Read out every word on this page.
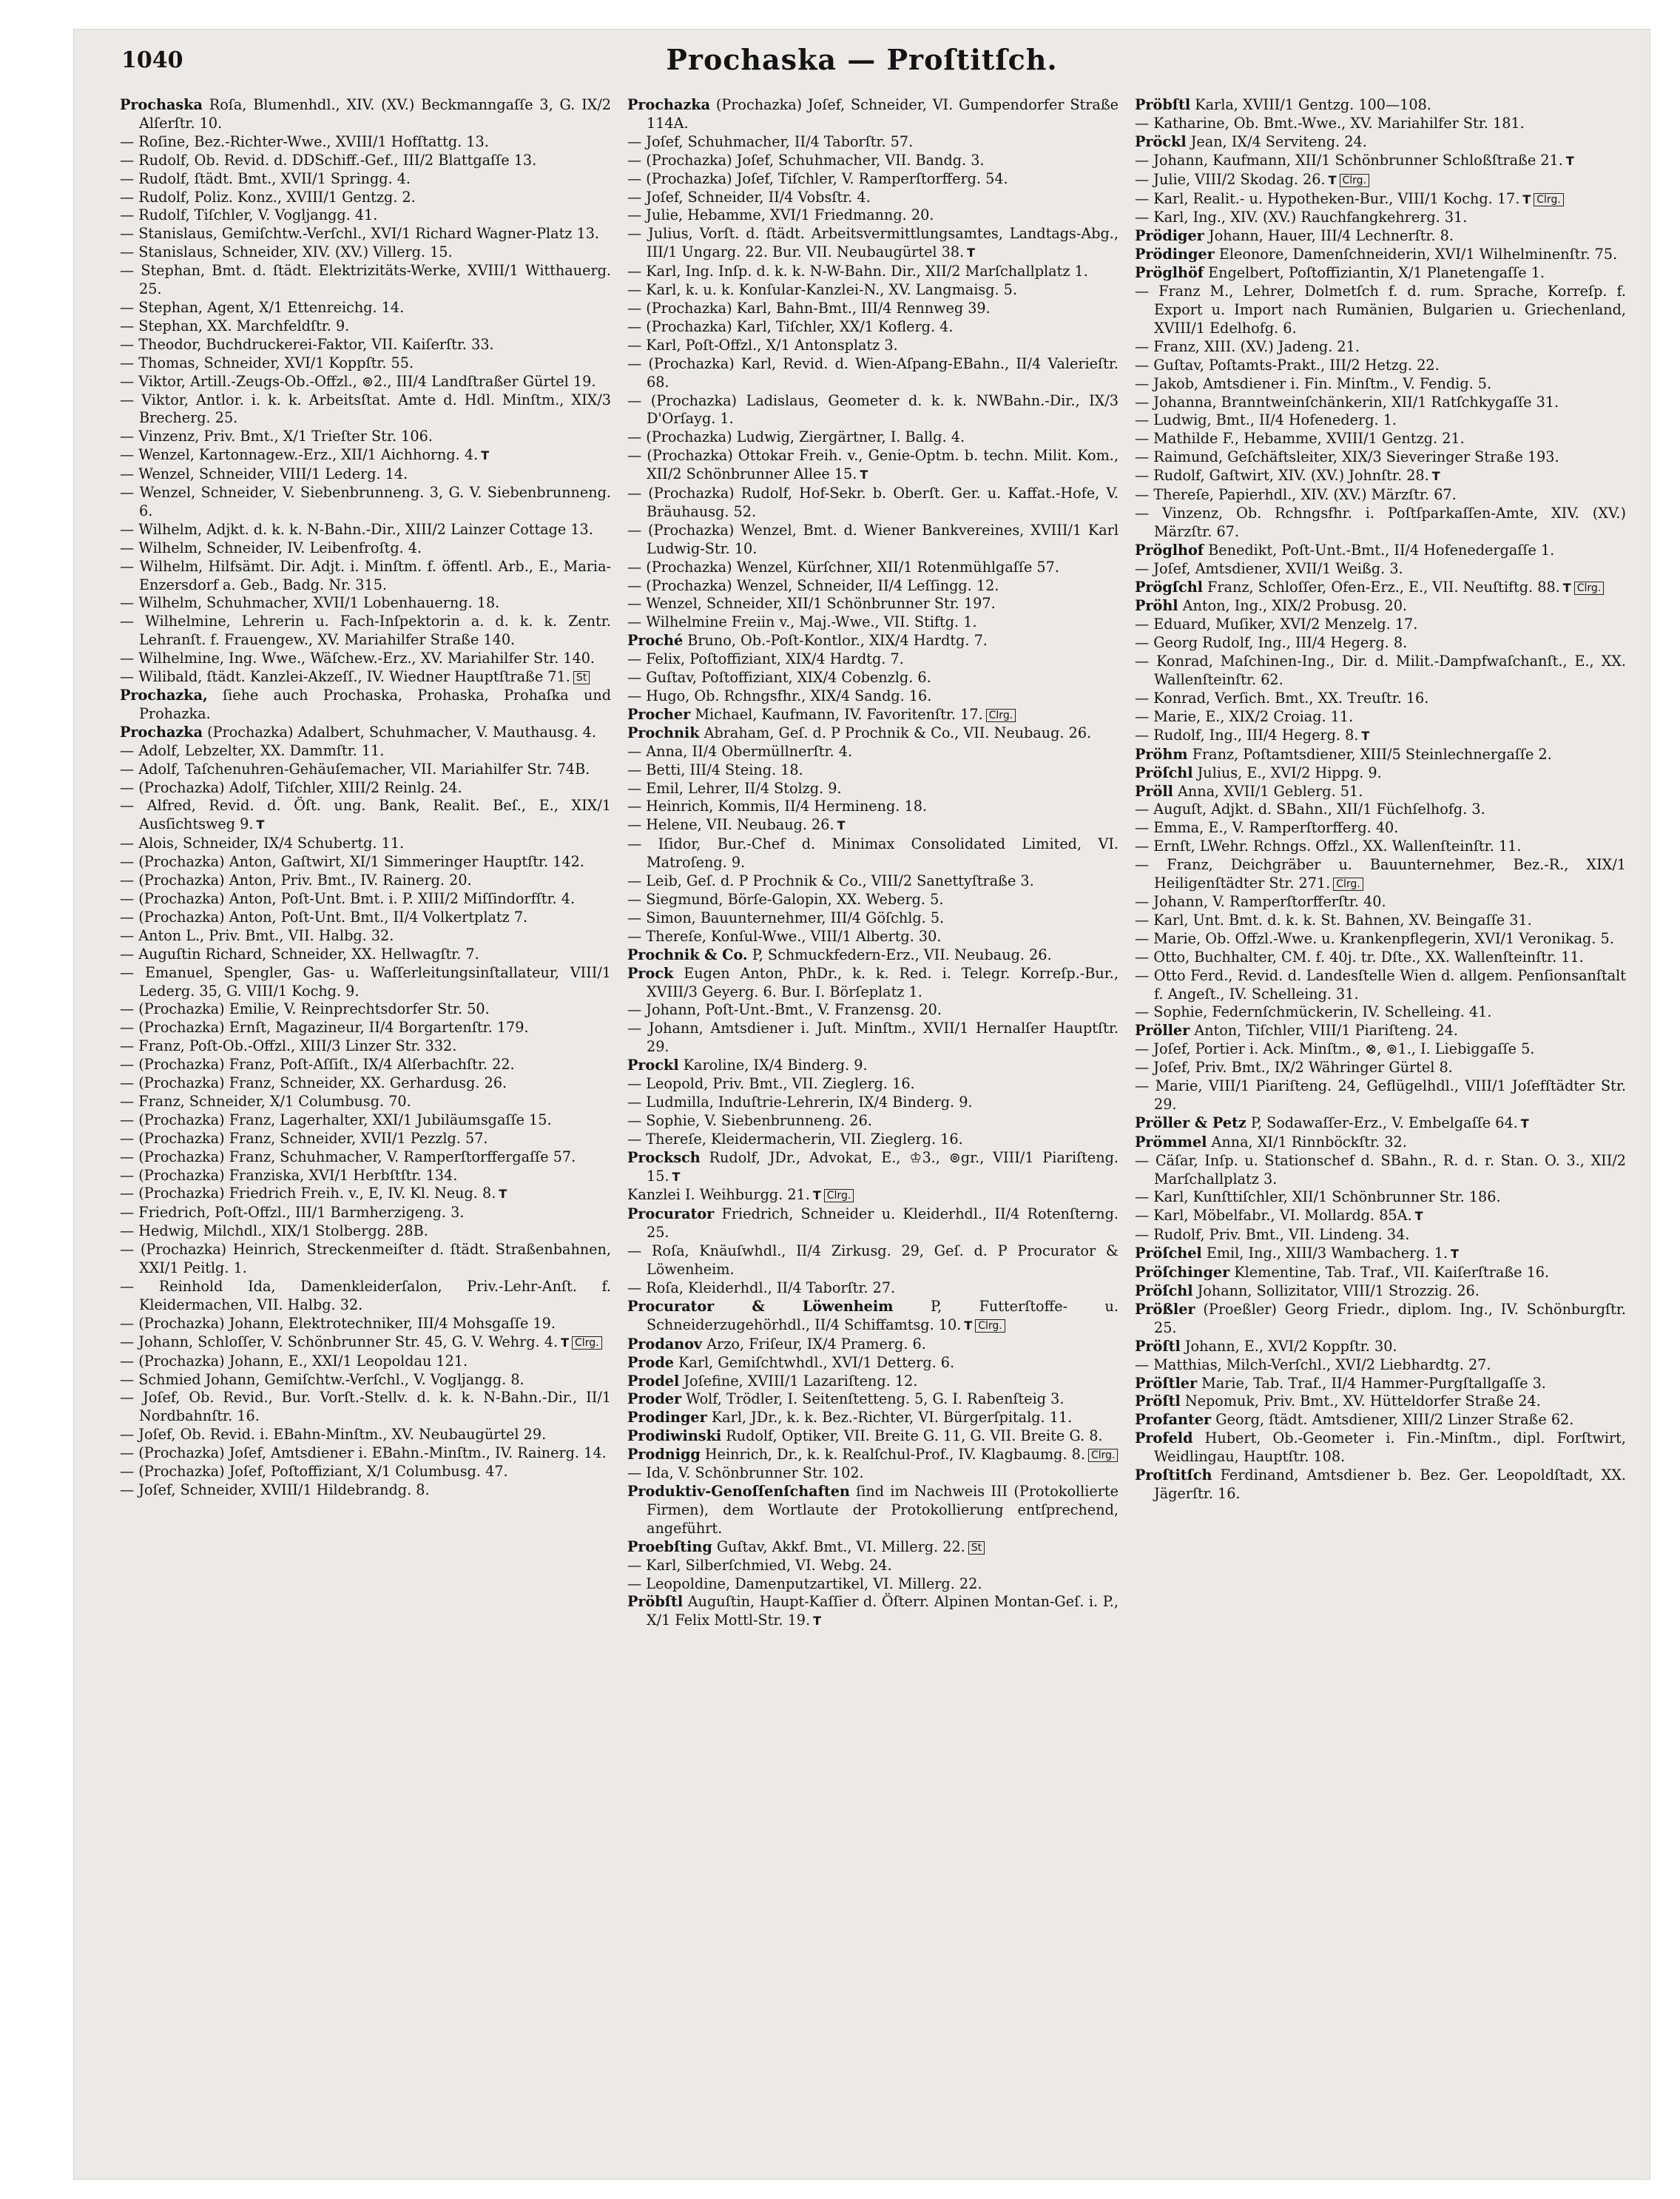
1040	Prochaska — Proſtitſch.
Prochaska Roſa, Blumenhdl., XIV. (XV.) Beckmanngaſſe 3, G. IX/2 Alſerſtr. 10.
— Roſine, Bez.-Richter-Wwe., XVIII/1 Hofſtattg. 13.
— Rudolf, Ob. Revid. d. DDSchiff.-Gef., III/2 Blattgaſſe 13.
— Rudolf, ſtädt. Bmt., XVII/1 Springg. 4.
— Rudolf, Poliz. Konz., XVIII/1 Gentzg. 2.
— Rudolf, Tiſchler, V. Vogljangg. 41.
— Stanislaus, Gemiſchtw.-Verſchl., XVI/1 Richard Wagner-Platz 13.
— Stanislaus, Schneider, XIV. (XV.) Villerg. 15.
— Stephan, Bmt. d. ſtädt. Elektrizitäts-Werke, XVIII/1 Witthauerg. 25.
— Stephan, Agent, X/1 Ettenreichg. 14.
— Stephan, XX. Marchfeldſtr. 9.
— Theodor, Buchdruckerei-Faktor, VII. Kaiſerſtr. 33.
— Thomas, Schneider, XVI/1 Koppſtr. 55.
— Viktor, Artill.-Zeugs-Ob.-Offzl., ⊚2., III/4 Landſtraßer Gürtel 19.
— Viktor, Antlor. i. k. k. Arbeitsſtat. Amte d. Hdl. Minſtm., XIX/3 Brecherg. 25.
— Vinzenz, Priv. Bmt., X/1 Trieſter Str. 106.
— Wenzel, Kartonnagew.-Erz., XII/1 Aichhorng. 4. T
— Wenzel, Schneider, VIII/1 Lederg. 14.
— Wenzel, Schneider, V. Siebenbrunneng. 3, G. V. Siebenbrunneng. 6.
— Wilhelm, Adjkt. d. k. k. N-Bahn.-Dir., XIII/2 Lainzer Cottage 13.
— Wilhelm, Schneider, IV. Leibenfroſtg. 4.
— Wilhelm, Hilfsämt. Dir. Adjt. i. Minſtm. f. öffentl. Arb., E., Maria-Enzersdorf a. Geb., Badg. Nr. 315.
— Wilhelm, Schuhmacher, XVII/1 Lobenhauerng. 18.
— Wilhelmine, Lehrerin u. Fach-Inſpektorin a. d. k. k. Zentr. Lehranſt. f. Frauengew., XV. Mariahilfer Straße 140.
— Wilhelmine, Ing. Wwe., Wäſchew.-Erz., XV. Mariahilfer Str. 140.
— Wilibald, ſtädt. Kanzlei-Akzeſſ., IV. Wiedner Hauptſtraße 71. St
Prochazka, ſiehe auch Prochaska, Prohaska, Prohaſka und Prohazka.
Prochazka (Prochazka) Adalbert, Schuhmacher, V. Mauthausg. 4.
— Adolf, Lebzelter, XX. Dammſtr. 11.
— Adolf, Taſchenuhren-Gehäuſemacher, VII. Mariahilfer Str. 74B.
— (Prochazka) Adolf, Tiſchler, XIII/2 Reinlg. 24.
— Alfred, Revid. d. Öſt. ung. Bank, Realit. Beſ., E., XIX/1 Ausſichtsweg 9. T
— Alois, Schneider, IX/4 Schubertg. 11.
— (Prochazka) Anton, Gaſtwirt, XI/1 Simmeringer Hauptſtr. 142.
— (Prochazka) Anton, Priv. Bmt., IV. Rainerg. 20.
— (Prochazka) Anton, Poſt-Unt. Bmt. i. P. XIII/2 Miſſindorfſtr. 4.
— (Prochazka) Anton, Poſt-Unt. Bmt., II/4 Volkertplatz 7.
— Anton L., Priv. Bmt., VII. Halbg. 32.
— Auguſtin Richard, Schneider, XX. Hellwagſtr. 7.
— Emanuel, Spengler, Gas- u. Waſſerleitungsinſtallateur, VIII/1 Lederg. 35, G. VIII/1 Kochg. 9.
— (Prochazka) Emilie, V. Reinprechtsdorfer Str. 50.
— (Prochazka) Ernſt, Magazineur, II/4 Borgartenſtr. 179.
— Franz, Poſt-Ob.-Offzl., XIII/3 Linzer Str. 332.
— (Prochazka) Franz, Poſt-Aſſiſt., IX/4 Alſerbachſtr. 22.
— (Prochazka) Franz, Schneider, XX. Gerhardusg. 26.
— Franz, Schneider, X/1 Columbusg. 70.
— (Prochazka) Franz, Lagerhalter, XXI/1 Jubiläumsgaſſe 15.
— (Prochazka) Franz, Schneider, XVII/1 Pezzlg. 57.
— (Prochazka) Franz, Schuhmacher, V. Ramperſtorffergaſſe 57.
— (Prochazka) Franziska, XVI/1 Herbſtſtr. 134.
— (Prochazka) Friedrich Freih. v., E, IV. Kl. Neug. 8. T
— Friedrich, Poſt-Offzl., III/1 Barmherzigeng. 3.
— Hedwig, Milchdl., XIX/1 Stolbergg. 28B.
— (Prochazka) Heinrich, Streckenmeiſter d. ſtädt. Straßenbahnen, XXI/1 Peitlg. 1.
— Reinhold Ida, Damenkleiderſalon, Priv.-Lehr-Anſt. f. Kleidermachen, VII. Halbg. 32.
— (Prochazka) Johann, Elektrotechniker, III/4 Mohsgaſſe 19.
— Johann, Schloſſer, V. Schönbrunner Str. 45, G. V. Wehrg. 4. T Clrg.
— (Prochazka) Johann, E., XXI/1 Leopoldau 121.
— Schmied Johann, Gemiſchtw.-Verſchl., V. Vogljangg. 8.
— Joſef, Ob. Revid., Bur. Vorſt.-Stellv. d. k. k. N-Bahn.-Dir., II/1 Nordbahnſtr. 16.
— Joſef, Ob. Revid. i. EBahn-Minſtm., XV. Neubaugürtel 29.
— (Prochazka) Joſef, Amtsdiener i. EBahn.-Minſtm., IV. Rainerg. 14.
— (Prochazka) Joſef, Poſtoffiziant, X/1 Columbusg. 47.
— Joſef, Schneider, XVIII/1 Hildebrandg. 8.
Prochazka (Prochazka) Joſef, Schneider, VI. Gumpendorfer Straße 114A.
— Joſef, Schuhmacher, II/4 Taborſtr. 57.
— (Prochazka) Joſef, Schuhmacher, VII. Bandg. 3.
— (Prochazka) Joſef, Tiſchler, V. Ramperſtorfferg. 54.
— Joſef, Schneider, II/4 Vobsſtr. 4.
— Julie, Hebamme, XVI/1 Friedmanng. 20.
— Julius, Vorſt. d. ſtädt. Arbeitsvermittlungsamtes, Landtags-Abg., III/1 Ungarg. 22. Bur. VII. Neubaugürtel 38. T
— Karl, Ing. Inſp. d. k. k. N-W-Bahn. Dir., XII/2 Marſchallplatz 1.
— Karl, k. u. k. Konſular-Kanzlei-N., XV. Langmaisg. 5.
— (Prochazka) Karl, Bahn-Bmt., III/4 Rennweg 39.
— (Prochazka) Karl, Tiſchler, XX/1 Koflerg. 4.
— Karl, Poſt-Offzl., X/1 Antonsplatz 3.
— (Prochazka) Karl, Revid. d. Wien-Aſpang-EBahn., II/4 Valerieſtr. 68.
— (Prochazka) Ladislaus, Geometer d. k. k. NWBahn.-Dir., IX/3 D'Orſayg. 1.
— (Prochazka) Ludwig, Ziergärtner, I. Ballg. 4.
— (Prochazka) Ottokar Freih. v., Genie-Optm. b. techn. Milit. Kom., XII/2 Schönbrunner Allee 15. T
— (Prochazka) Rudolf, Hof-Sekr. b. Oberſt. Ger. u. Kaffat.-Hofe, V. Bräuhausg. 52.
— (Prochazka) Wenzel, Bmt. d. Wiener Bankvereines, XVIII/1 Karl Ludwig-Str. 10.
— (Prochazka) Wenzel, Kürſchner, XII/1 Rotenmühlgaſſe 57.
— (Prochazka) Wenzel, Schneider, II/4 Leſſingg. 12.
— Wenzel, Schneider, XII/1 Schönbrunner Str. 197.
— Wilhelmine Freiin v., Maj.-Wwe., VII. Stiftg. 1.
Proché Bruno, Ob.-Poſt-Kontlor., XIX/4 Hardtg. 7.
— Felix, Poſtoffiziant, XIX/4 Hardtg. 7.
— Guſtav, Poſtoffiziant, XIX/4 Cobenzlg. 6.
— Hugo, Ob. Rchngsfhr., XIX/4 Sandg. 16.
Procher Michael, Kaufmann, IV. Favoritenſtr. 17. Clrg.
Prochnik Abraham, Geſ. d. P Prochnik & Co., VII. Neubaug. 26.
— Anna, II/4 Obermüllnerſtr. 4.
— Betti, III/4 Steing. 18.
— Emil, Lehrer, II/4 Stolzg. 9.
— Heinrich, Kommis, II/4 Hermineng. 18.
— Helene, VII. Neubaug. 26. T
— Iſidor, Bur.-Chef d. Minimax Consolidated Limited, VI. Matroſeng. 9.
— Leib, Geſ. d. P Prochnik & Co., VIII/2 Sanettyſtraße 3.
— Siegmund, Börſe-Galopin, XX. Weberg. 5.
— Simon, Bauunternehmer, III/4 Göſchlg. 5.
— Thereſe, Konſul-Wwe., VIII/1 Albertg. 30.
Prochnik & Co. P, Schmuckfedern-Erz., VII. Neubaug. 26.
Prock Eugen Anton, PhDr., k. k. Red. i. Telegr. Korreſp.-Bur., XVIII/3 Geyerg. 6. Bur. I. Börſeplatz 1.
— Johann, Poſt-Unt.-Bmt., V. Franzensg. 20.
— Johann, Amtsdiener i. Juſt. Minſtm., XVII/1 Hernalſer Hauptſtr. 29.
Prockl Karoline, IX/4 Binderg. 9.
— Leopold, Priv. Bmt., VII. Zieglerg. 16.
— Ludmilla, Induſtrie-Lehrerin, IX/4 Binderg. 9.
— Sophie, V. Siebenbrunneng. 26.
— Thereſe, Kleidermacherin, VII. Zieglerg. 16.
Procksch Rudolf, JDr., Advokat, E., ♔3., ⊚gr., VIII/1 Piariſteng. 15. T
Kanzlei I. Weihburgg. 21. T Clrg.
Procurator Friedrich, Schneider u. Kleiderhdl., II/4 Rotenſterng. 25.
— Roſa, Knäuſwhdl., II/4 Zirkusg. 29, Geſ. d. P Procurator & Löwenheim.
— Roſa, Kleiderhdl., II/4 Taborſtr. 27.
Procurator & Löwenheim P, Futterſtoffe- u. Schneiderzugehörhdl., II/4 Schiffamtsg. 10. T Clrg.
Prodanov Arzo, Friſeur, IX/4 Pramerg. 6.
Prode Karl, Gemiſchtwhdl., XVI/1 Detterg. 6.
Prodel Joſefine, XVIII/1 Lazariſteng. 12.
Proder Wolf, Trödler, I. Seitenſtetteng. 5, G. I. Rabenſteig 3.
Prodinger Karl, JDr., k. k. Bez.-Richter, VI. Bürgerſpitalg. 11.
Prodiwinski Rudolf, Optiker, VII. Breite G. 11, G. VII. Breite G. 8.
Prodnigg Heinrich, Dr., k. k. Realſchul-Prof., IV. Klagbaumg. 8. Clrg.
— Ida, V. Schönbrunner Str. 102.
Produktiv-Genoſſenſchaften ſind im Nachweis III (Protokollierte Firmen), dem Wortlaute der Protokollierung entſprechend, angeführt.
Proebſting Guſtav, Akkf. Bmt., VI. Millerg. 22. St
— Karl, Silberſchmied, VI. Webg. 24.
— Leopoldine, Damenputzartikel, VI. Millerg. 22.
Pröbſtl Auguſtin, Haupt-Kaſſier d. Öſterr. Alpinen Montan-Geſ. i. P., X/1 Felix Mottl-Str. 19. T
Pröbſtl Karla, XVIII/1 Gentzg. 100—108.
— Katharine, Ob. Bmt.-Wwe., XV. Mariahilfer Str. 181.
Pröckl Jean, IX/4 Serviteng. 24.
— Johann, Kaufmann, XII/1 Schönbrunner Schloßſtraße 21. T
— Julie, VIII/2 Skodag. 26. T Clrg.
— Karl, Realit.- u. Hypotheken-Bur., VIII/1 Kochg. 17. T Clrg.
— Karl, Ing., XIV. (XV.) Rauchfangkehrerg. 31.
Prödiger Johann, Hauer, III/4 Lechnerſtr. 8.
Prödinger Eleonore, Damenſchneiderin, XVI/1 Wilhelminenſtr. 75.
Pröglhöf Engelbert, Poſtoffiziantin, X/1 Planetengaſſe 1.
— Franz M., Lehrer, Dolmetſch f. d. rum. Sprache, Korreſp. f. Export u. Import nach Rumänien, Bulgarien u. Griechenland, XVIII/1 Edelhofg. 6.
— Franz, XIII. (XV.) Jadeng. 21.
— Guſtav, Poſtamts-Prakt., III/2 Hetzg. 22.
— Jakob, Amtsdiener i. Fin. Minſtm., V. Fendig. 5.
— Johanna, Branntweinſchänkerin, XII/1 Ratſchkygaſſe 31.
— Ludwig, Bmt., II/4 Hofenederg. 1.
— Mathilde F., Hebamme, XVIII/1 Gentzg. 21.
— Raimund, Geſchäftsleiter, XIX/3 Sieveringer Straße 193.
— Rudolf, Gaſtwirt, XIV. (XV.) Johnſtr. 28. T
— Thereſe, Papierhdl., XIV. (XV.) Märzſtr. 67.
— Vinzenz, Ob. Rchngsfhr. i. Poſtſparkaſſen-Amte, XIV. (XV.) Märzſtr. 67.
Pröglhof Benedikt, Poſt-Unt.-Bmt., II/4 Hofenedergaſſe 1.
— Joſef, Amtsdiener, XVII/1 Weißg. 3.
Prögſchl Franz, Schloſſer, Ofen-Erz., E., VII. Neuſtiftg. 88. T Clrg.
Pröhl Anton, Ing., XIX/2 Probusg. 20.
— Eduard, Muſiker, XVI/2 Menzelg. 17.
— Georg Rudolf, Ing., III/4 Hegerg. 8.
— Konrad, Maſchinen-Ing., Dir. d. Milit.-Dampfwaſchanſt., E., XX. Wallenſteinſtr. 62.
— Konrad, Verſich. Bmt., XX. Treuſtr. 16.
— Marie, E., XIX/2 Croiag. 11.
— Rudolf, Ing., III/4 Hegerg. 8. T
Pröhm Franz, Poſtamtsdiener, XIII/5 Steinlechnergaſſe 2.
Pröſchl Julius, E., XVI/2 Hippg. 9.
Pröll Anna, XVII/1 Geblerg. 51.
— Auguſt, Adjkt. d. SBahn., XII/1 Füchſelhofg. 3.
— Emma, E., V. Ramperſtorfferg. 40.
— Ernſt, LWehr. Rchngs. Offzl., XX. Wallenſteinſtr. 11.
— Franz, Deichgräber u. Bauunternehmer, Bez.-R., XIX/1 Heiligenſtädter Str. 271. Clrg.
— Johann, V. Ramperſtorfferſtr. 40.
— Karl, Unt. Bmt. d. k. k. St. Bahnen, XV. Beingaſſe 31.
— Marie, Ob. Offzl.-Wwe. u. Krankenpflegerin, XVI/1 Veronikag. 5.
— Otto, Buchhalter, CM. f. 40j. tr. Dſte., XX. Wallenſteinſtr. 11.
— Otto Ferd., Revid. d. Landesſtelle Wien d. allgem. Penſionsanſtalt f. Angeſt., IV. Schelleing. 31.
— Sophie, Federnſchmückerin, IV. Schelleing. 41.
Pröller Anton, Tiſchler, VIII/1 Piariſteng. 24.
— Joſef, Portier i. Ack. Minſtm., ⊗, ⊚1., I. Liebiggaſſe 5.
— Joſef, Priv. Bmt., IX/2 Währinger Gürtel 8.
— Marie, VIII/1 Piariſteng. 24, Geflügelhdl., VIII/1 Joſefſtädter Str. 29.
Pröller & Petz P, Sodawaſſer-Erz., V. Embelgaſſe 64. T
Prömmel Anna, XI/1 Rinnböckſtr. 32.
— Cäſar, Inſp. u. Stationschef d. SBahn., R. d. r. Stan. O. 3., XII/2 Marſchallplatz 3.
— Karl, Kunſttiſchler, XII/1 Schönbrunner Str. 186.
— Karl, Möbelfabr., VI. Mollardg. 85A. T
— Rudolf, Priv. Bmt., VII. Lindeng. 34.
Pröſchel Emil, Ing., XIII/3 Wambacherg. 1. T
Pröſchinger Klementine, Tab. Traf., VII. Kaiſerſtraße 16.
Pröſchl Johann, Sollizitator, VIII/1 Strozzig. 26.
Prößler (Proeßler) Georg Friedr., diplom. Ing., IV. Schönburgſtr. 25.
Pröſtl Johann, E., XVI/2 Koppſtr. 30.
— Matthias, Milch-Verſchl., XVI/2 Liebhardtg. 27.
Pröſtler Marie, Tab. Traf., II/4 Hammer-Purgſtallgaſſe 3.
Pröſtl Nepomuk, Priv. Bmt., XV. Hütteldorfer Straße 24.
Profanter Georg, ſtädt. Amtsdiener, XIII/2 Linzer Straße 62.
Profeld Hubert, Ob.-Geometer i. Fin.-Minſtm., dipl. Forſtwirt, Weidlingau, Hauptſtr. 108.
Proſtitſch Ferdinand, Amtsdiener b. Bez. Ger. Leopoldſtadt, XX. Jägerſtr. 16.
